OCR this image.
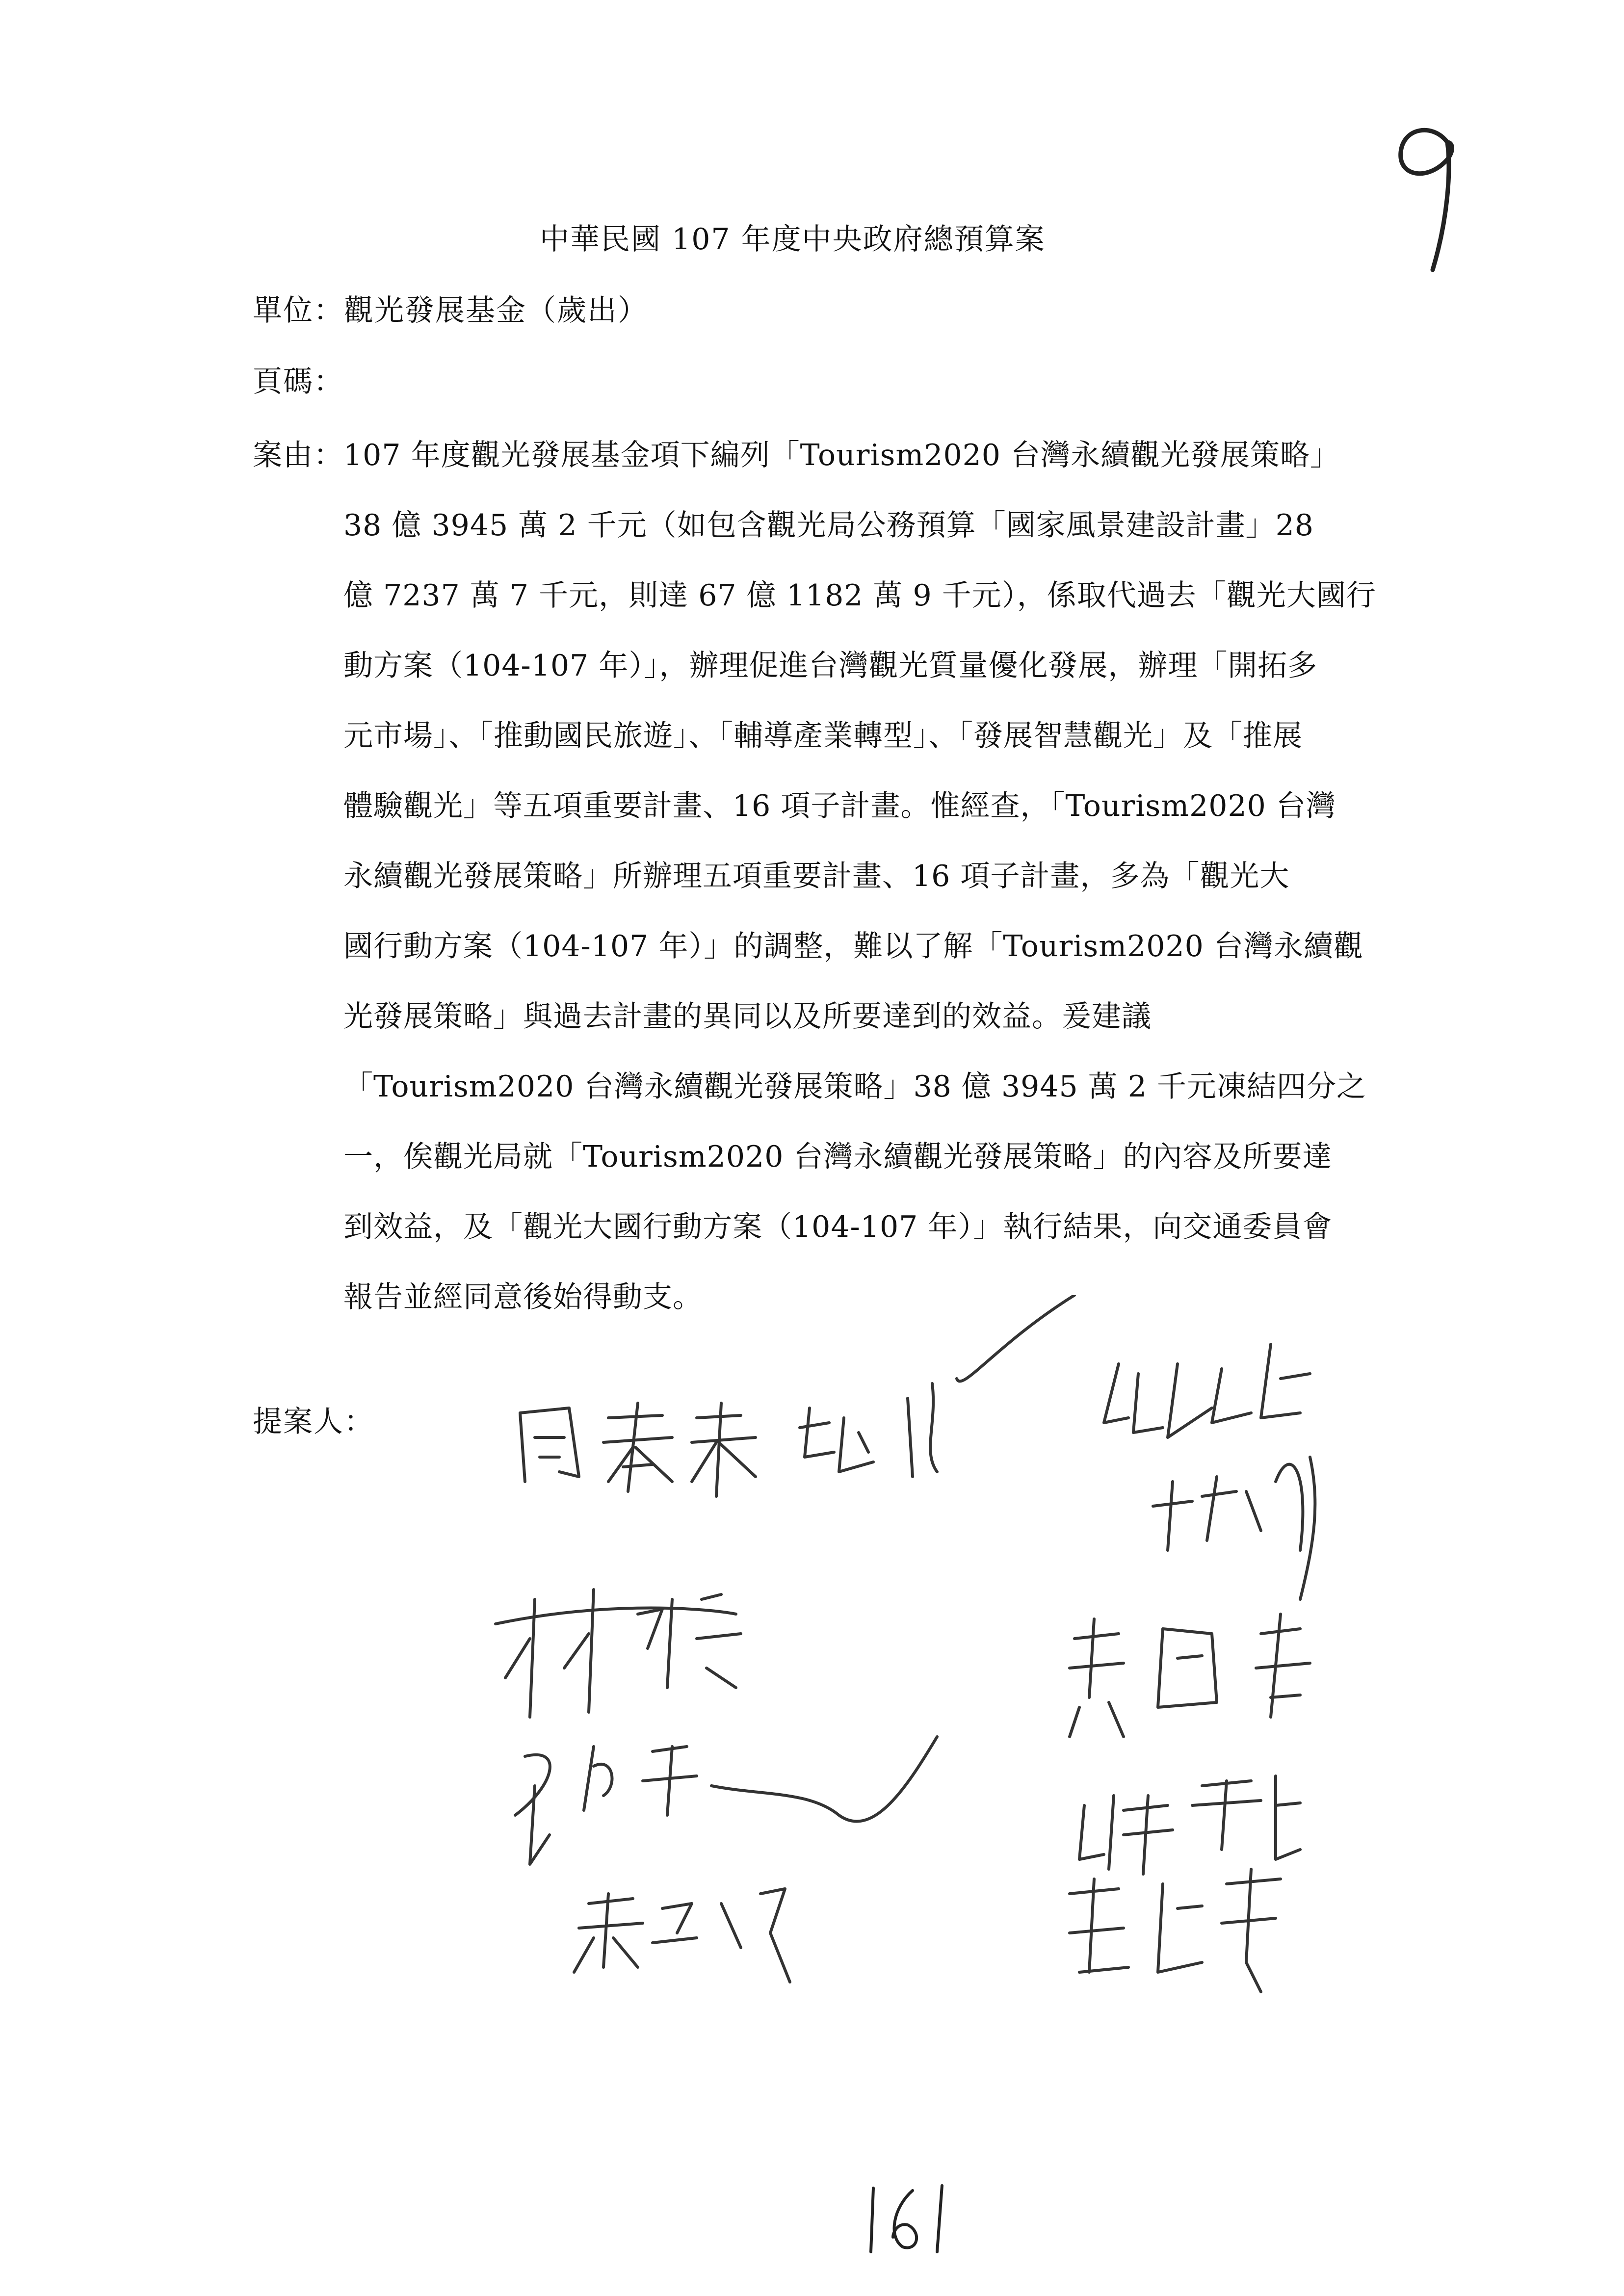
中華民國 107 年度中央政府總預算案
單位：觀光發展基金（歲出）
頁碼：
案由： 107 年度觀光發展基金項下編列「Tourism2020 台灣永續觀光發展策略」
38 億 3945 萬 2 千元（如包含觀光局公務預算「國家風景建設計畫」28
億 7237 萬 7 千元，則達 67 億 1182 萬 9 千元），係取代過去「觀光大國行
動方案（104-107 年）」，辦理促進台灣觀光質量優化發展，辦理「開拓多
元市場」、「推動國民旅遊」、「輔導產業轉型」、「發展智慧觀光」及「推展
體驗觀光」等五項重要計畫、16 項子計畫。惟經查，「Tourism2020 台灣
永續觀光發展策略」所辦理五項重要計畫、16 項子計畫，多為「觀光大
國行動方案（104-107 年）」的調整，難以了解「Tourism2020 台灣永續觀
光發展策略」與過去計畫的異同以及所要達到的效益。爰建議
「Tourism2020 台灣永續觀光發展策略」38 億 3945 萬 2 千元凍結四分之
一，俟觀光局就「Tourism2020 台灣永續觀光發展策略」的內容及所要達
到效益，及「觀光大國行動方案（104-107 年）」執行結果，向交通委員會
報告並經同意後始得動支。
提案人：
